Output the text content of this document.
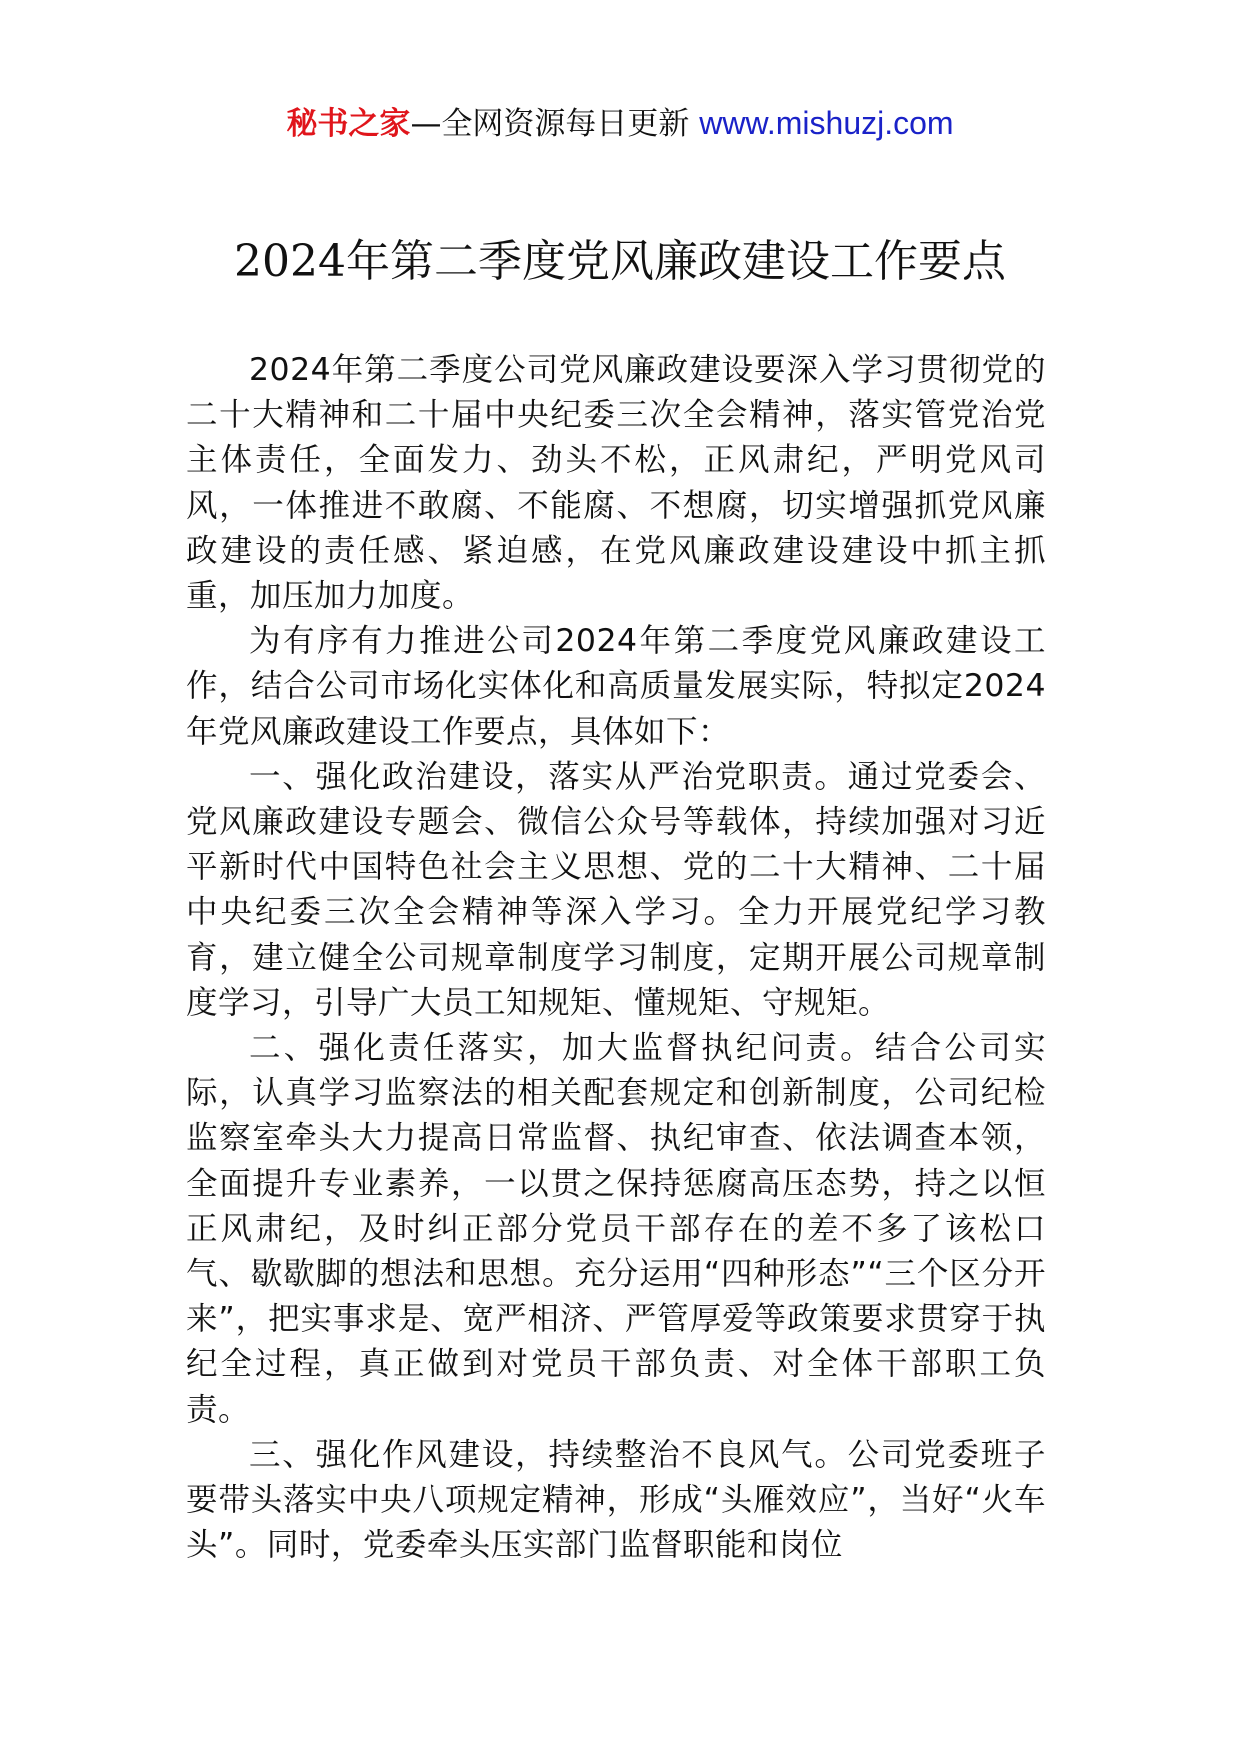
秘书之家—全网资源每日更新 www.mishuzj.com
2024年第二季度党风廉政建设工作要点

2024年第二季度公司党风廉政建设要深入学习贯彻党的二十大精神和二十届中央纪委三次全会精神，落实管党治党主体责任，全面发力、劲头不松，正风肃纪，严明党风司风，一体推进不敢腐、不能腐、不想腐，切实增强抓党风廉政建设的责任感、紧迫感，在党风廉政建设建设中抓主抓重，加压加力加度。

为有序有力推进公司2024年第二季度党风廉政建设工作，结合公司市场化实体化和高质量发展实际，特拟定2024年党风廉政建设工作要点，具体如下：

一、强化政治建设，落实从严治党职责。通过党委会、党风廉政建设专题会、微信公众号等载体，持续加强对习近平新时代中国特色社会主义思想、党的二十大精神、二十届中央纪委三次全会精神等深入学习。全力开展党纪学习教育，建立健全公司规章制度学习制度，定期开展公司规章制度学习，引导广大员工知规矩、懂规矩、守规矩。

二、强化责任落实，加大监督执纪问责。结合公司实际，认真学习监察法的相关配套规定和创新制度，公司纪检监察室牵头大力提高日常监督、执纪审查、依法调查本领，全面提升专业素养，一以贯之保持惩腐高压态势，持之以恒正风肃纪，及时纠正部分党员干部存在的差不多了该松口气、歇歇脚的想法和思想。充分运用“四种形态”“三个区分开来”，把实事求是、宽严相济、严管厚爱等政策要求贯穿于执纪全过程，真正做到对党员干部负责、对全体干部职工负责。

三、强化作风建设，持续整治不良风气。公司党委班子要带头落实中央八项规定精神，形成“头雁效应”，当好“火车头”。同时，党委牵头压实部门监督职能和岗位
